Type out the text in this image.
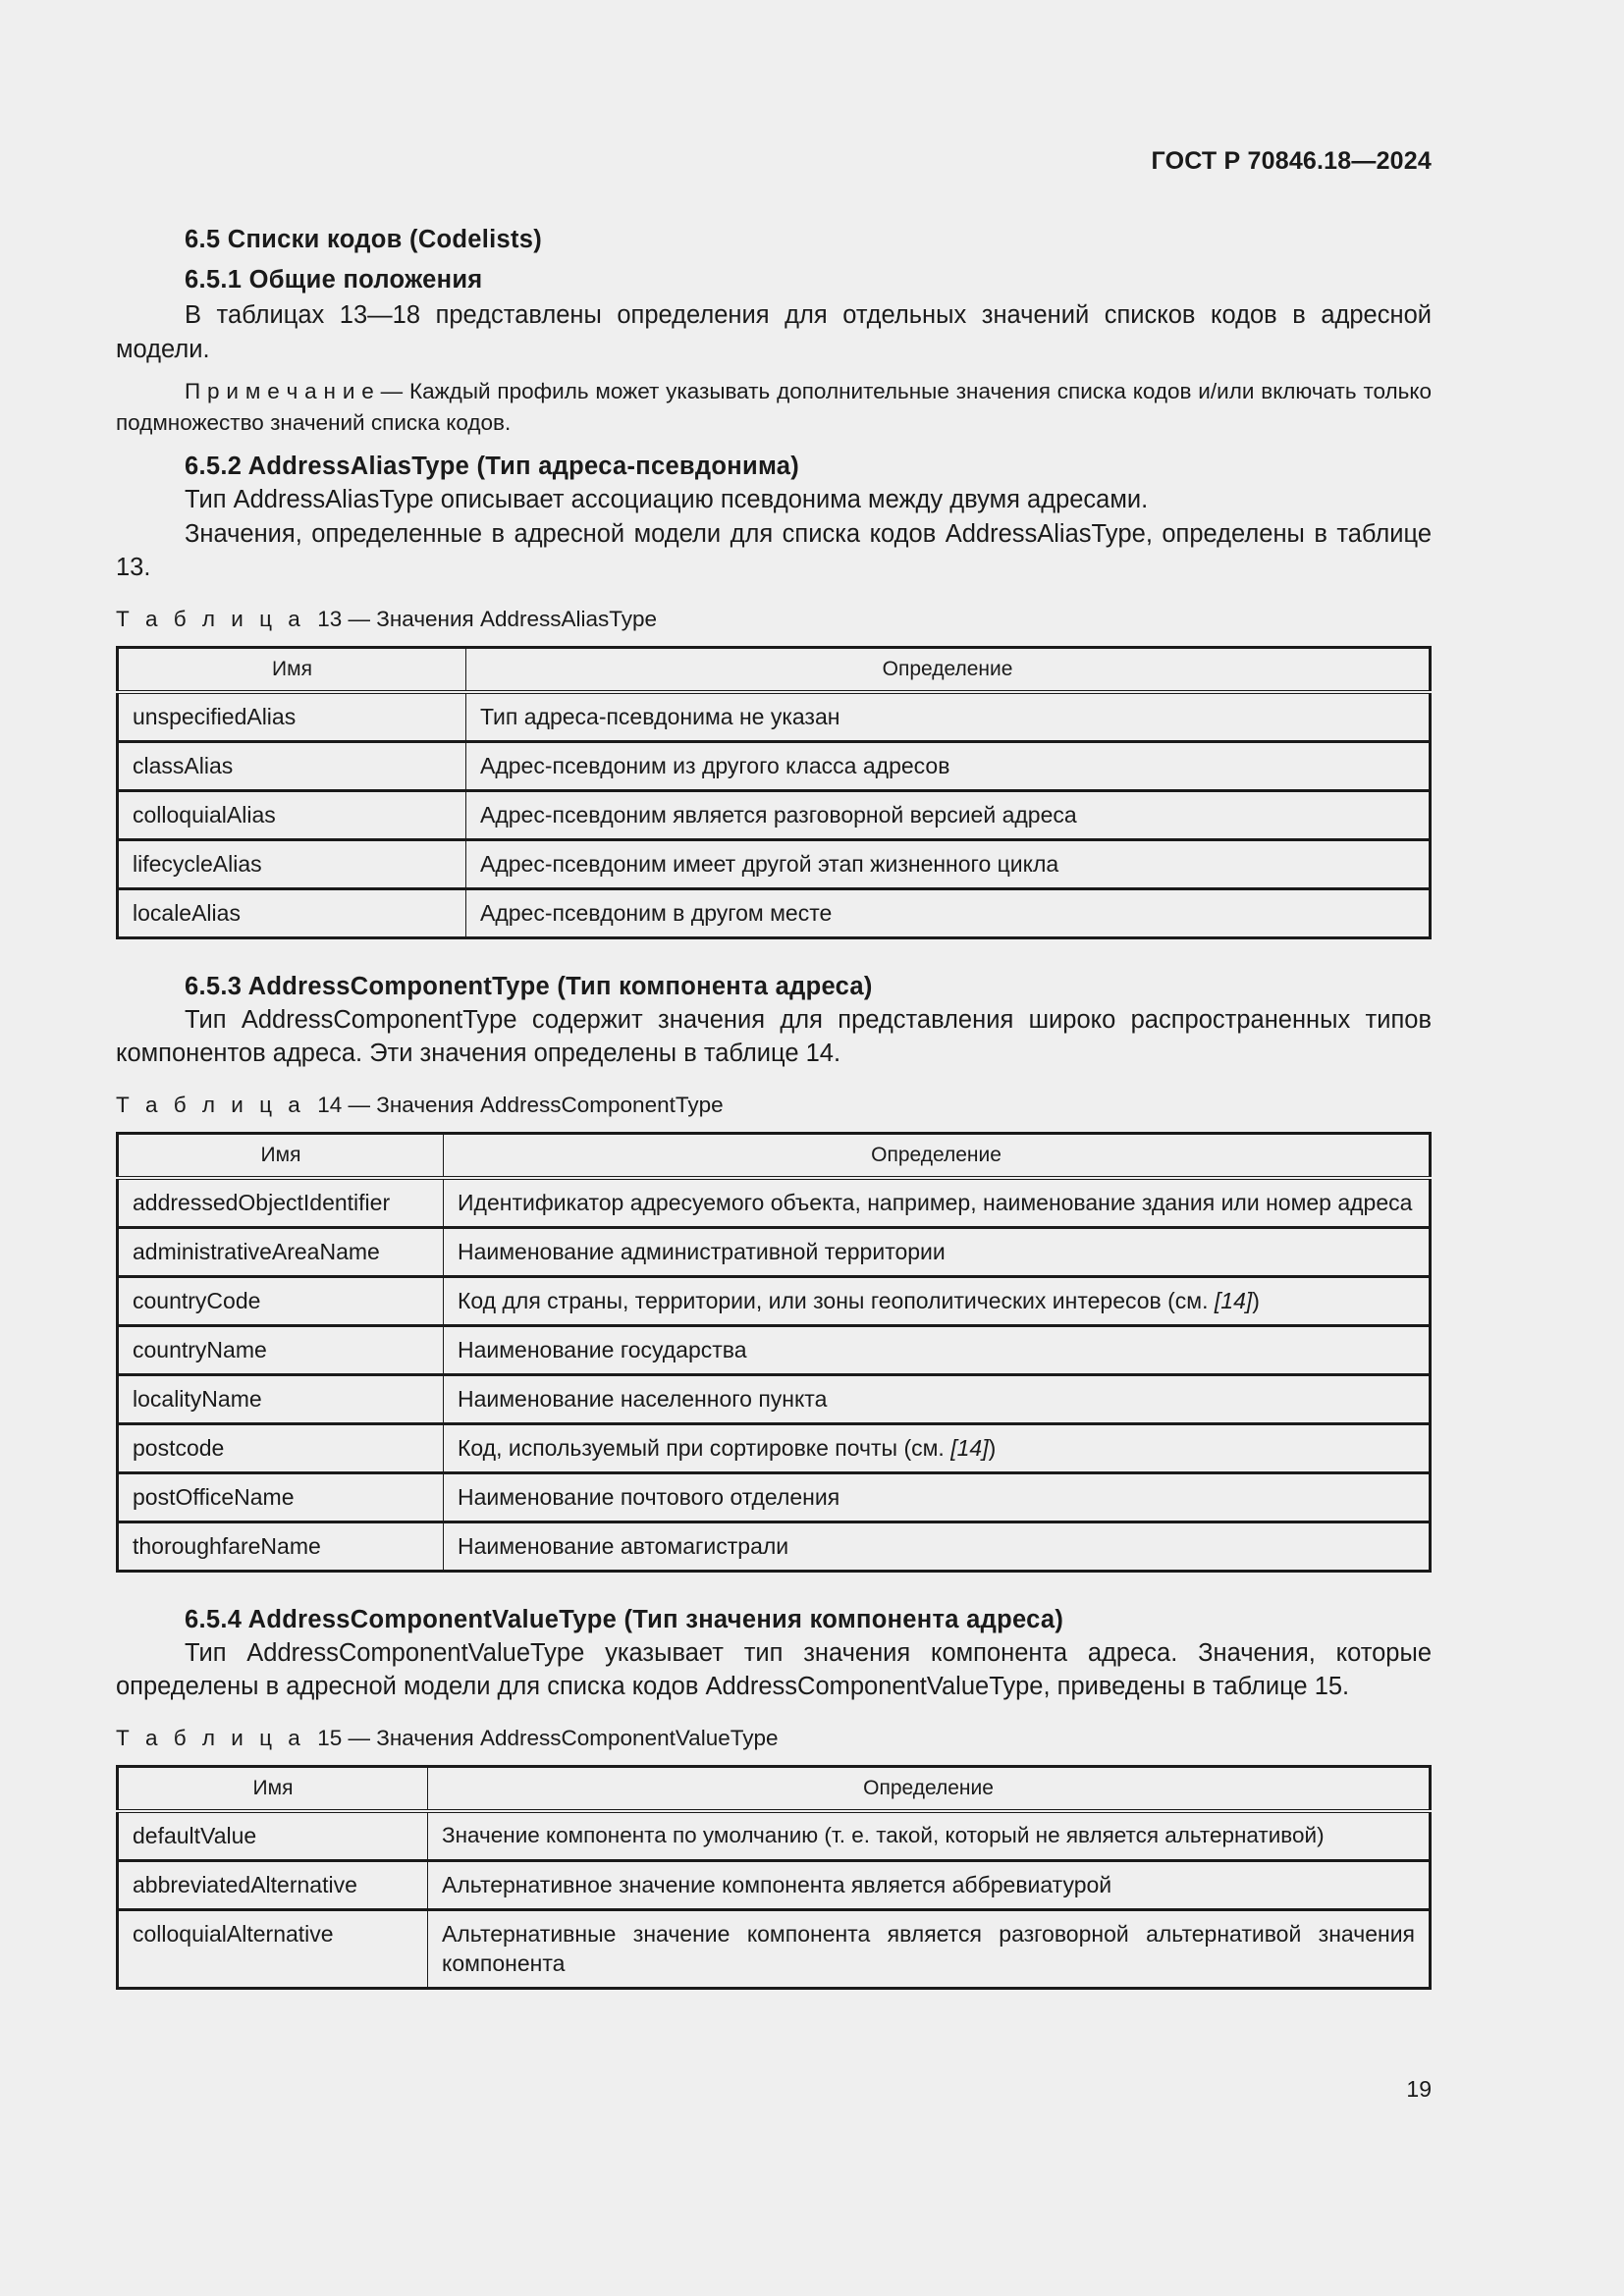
ГОСТ Р 70846.18—2024
6.5 Списки кодов (Codelists)
6.5.1 Общие положения

В таблицах 13—18 представлены определения для отдельных значений списков кодов в адресной модели.

П р и м е ч а н и е — Каждый профиль может указывать дополнительные значения списка кодов и/или включать только подмножество значений списка кодов.

6.5.2 AddressAliasType (Тип адреса-псевдонима)

Тип AddressAliasType описывает ассоциацию псевдонима между двумя адресами.

Значения, определенные в адресной модели для списка кодов AddressAliasType, определены в таблице 13.

Т а б л и ц а  13 — Значения AddressAliasType

Имя	Определение
unspecifiedAlias	Тип адреса-псевдонима не указан
classAlias	Адрес-псевдоним из другого класса адресов
colloquialAlias	Адрес-псевдоним является разговорной версией адреса
lifecycleAlias	Адрес-псевдоним имеет другой этап жизненного цикла
localeAlias	Адрес-псевдоним в другом месте
6.5.3 AddressComponentType (Тип компонента адреса)

Тип AddressComponentType содержит значения для представления широко распространенных типов компонентов адреса. Эти значения определены в таблице 14.

Т а б л и ц а  14 — Значения AddressComponentType

Имя	Определение
addressedObjectIdentifier	Идентификатор адресуемого объекта, например, наименование здания или номер адреса
administrativeAreaName	Наименование административной территории
countryCode	Код для страны, территории, или зоны геополитических интересов (см. [14])
countryName	Наименование государства
localityName	Наименование населенного пункта
postcode	Код, используемый при сортировке почты (см. [14])
postOfficeName	Наименование почтового отделения
thoroughfareName	Наименование автомагистрали
6.5.4 AddressComponentValueType (Тип значения компонента адреса)

Тип AddressComponentValueType указывает тип значения компонента адреса. Значения, которые определены в адресной модели для списка кодов AddressComponentValueType, приведены в таблице 15.

Т а б л и ц а  15 — Значения AddressComponentValueType

Имя	Определение
defaultValue	Значение компонента по умолчанию (т. е. такой, который не является альтернативой)
abbreviatedAlternative	Альтернативное значение компонента является аббревиатурой
colloquialAlternative	Альтернативные значение компонента является разговорной альтернативой значения компонента
19
